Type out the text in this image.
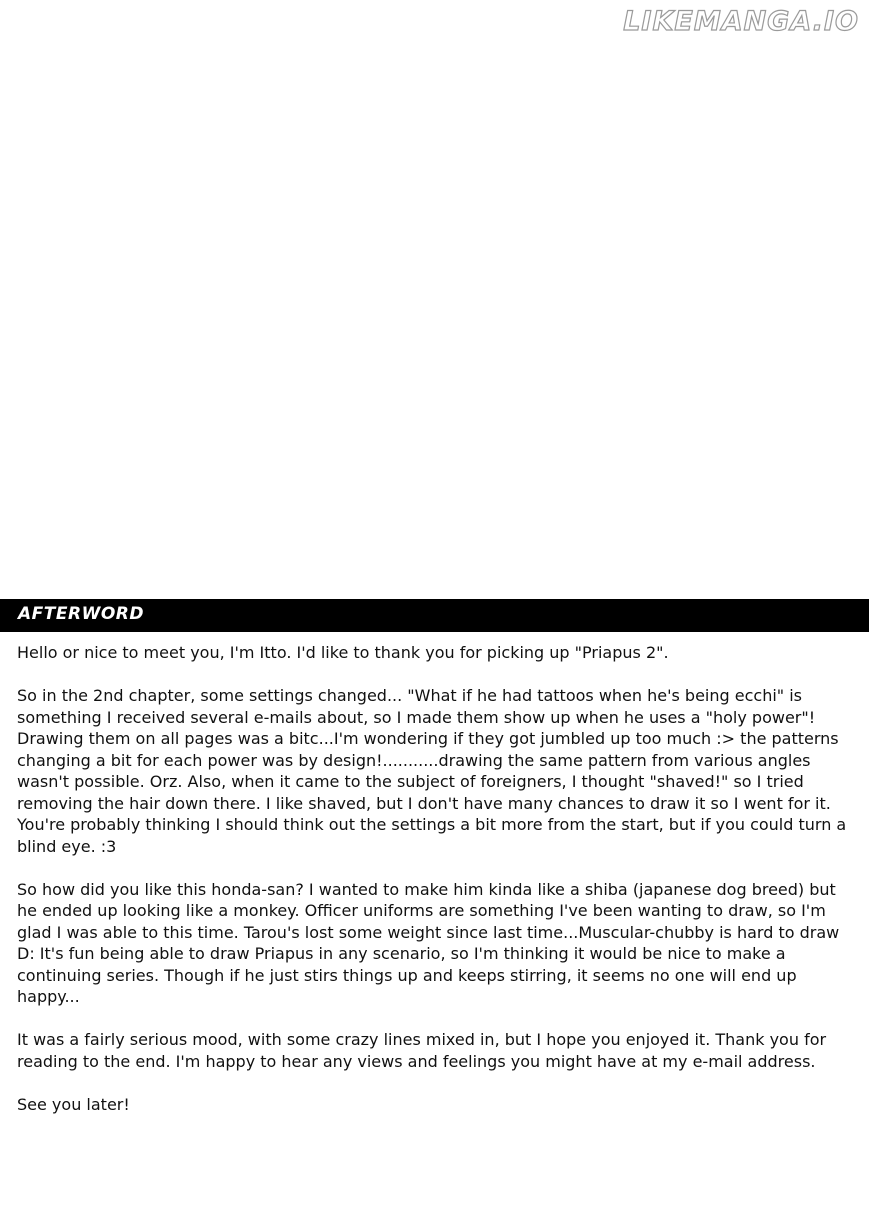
LIKEMANGA.IO
AFTERWORD

Hello or nice to meet you, I'm Itto. I'd like to thank you for picking up "Priapus 2".

So in the 2nd chapter, some settings changed... "What if he had tattoos when he's being ecchi" is something I received several e-mails about, so I made them show up when he uses a "holy power"! Drawing them on all pages was a bitc...I'm wondering if they got jumbled up too much :> the patterns changing a bit for each power was by design!...........drawing the same pattern from various angles wasn't possible. Orz. Also, when it came to the subject of foreigners, I thought "shaved!" so I tried removing the hair down there. I like shaved, but I don't have many chances to draw it so I went for it. You're probably thinking I should think out the settings a bit more from the start, but if you could turn a blind eye. :3

So how did you like this honda-san? I wanted to make him kinda like a shiba (japanese dog breed) but he ended up looking like a monkey. Officer uniforms are something I've been wanting to draw, so I'm glad I was able to this time. Tarou's lost some weight since last time...Muscular-chubby is hard to draw D: It's fun being able to draw Priapus in any scenario, so I'm thinking it would be nice to make a continuing series. Though if he just stirs things up and keeps stirring, it seems no one will end up happy...

It was a fairly serious mood, with some crazy lines mixed in, but I hope you enjoyed it. Thank you for reading to the end. I'm happy to hear any views and feelings you might have at my e-mail address.

See you later!
